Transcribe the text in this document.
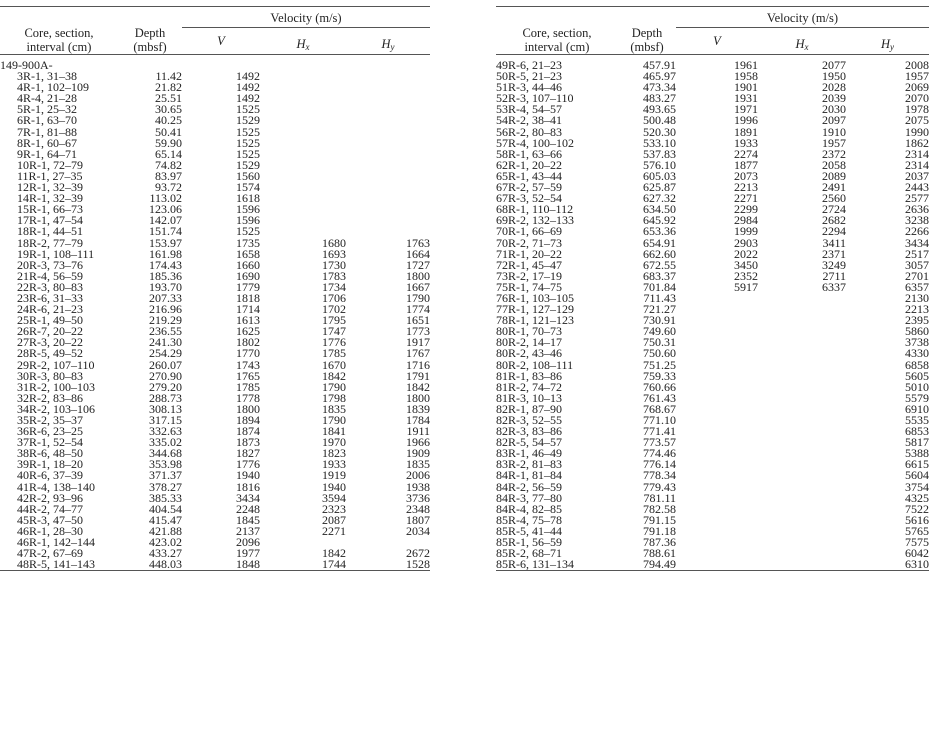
Core, section,
interval (cm)	Depth
(mbsf)	Velocity (m/s)		

		V	$H_x$	$H_y$
149-900A-				
3R-1, 31–38	11.42	1492		
4R-1, 102–109	21.82	1492		
4R-4, 21–28	25.51	1492		
5R-1, 25–32	30.65	1525		
6R-1, 63–70	40.25	1529		
7R-1, 81–88	50.41	1525		
8R-1, 60–67	59.90	1525		
9R-1, 64–71	65.14	1525		
10R-1, 72–79	74.82	1529		
11R-1, 27–35	83.97	1560		
12R-1, 32–39	93.72	1574		
14R-1, 32–39	113.02	1618		
15R-1, 66–73	123.06	1596		
17R-1, 47–54	142.07	1596		
18R-1, 44–51	151.74	1525		
18R-2, 77–79	153.97	1735	1680	1763
19R-1, 108–111	161.98	1658	1693	1664
20R-3, 73–76	174.43	1660	1730	1727
21R-4, 56–59	185.36	1690	1783	1800
22R-3, 80–83	193.70	1779	1734	1667
23R-6, 31–33	207.33	1818	1706	1790
24R-6, 21–23	216.96	1714	1702	1774
25R-1, 49–50	219.29	1613	1795	1651
26R-7, 20–22	236.55	1625	1747	1773
27R-3, 20–22	241.30	1802	1776	1917
28R-5, 49–52	254.29	1770	1785	1767
29R-2, 107–110	260.07	1743	1670	1716
30R-3, 80–83	270.90	1765	1842	1791
31R-2, 100–103	279.20	1785	1790	1842
32R-2, 83–86	288.73	1778	1798	1800
34R-2, 103–106	308.13	1800	1835	1839
35R-2, 35–37	317.15	1894	1790	1784
36R-6, 23–25	332.63	1874	1841	1911
37R-1, 52–54	335.02	1873	1970	1966
38R-6, 48–50	344.68	1827	1823	1909
39R-1, 18–20	353.98	1776	1933	1835
40R-6, 37–39	371.37	1940	1919	2006
41R-4, 138–140	378.27	1816	1940	1938
42R-2, 93–96	385.33	3434	3594	3736
44R-2, 74–77	404.54	2248	2323	2348
45R-3, 47–50	415.47	1845	2087	1807
46R-1, 28–30	421.88	2137	2271	2034
46R-1, 142–144	423.02	2096		
47R-2, 67–69	433.27	1977	1842	2672
48R-5, 141–143	448.03	1848	1744	1528
Core, section,
interval (cm)	Depth
(mbsf)	Velocity (m/s)		

		V	$H_x$	$H_y$
49R-6, 21–23	457.91	1961	2077	2008
50R-5, 21–23	465.97	1958	1950	1957
51R-3, 44–46	473.34	1901	2028	2069
52R-3, 107–110	483.27	1931	2039	2070
53R-4, 54–57	493.65	1971	2030	1978
54R-2, 38–41	500.48	1996	2097	2075
56R-2, 80–83	520.30	1891	1910	1990
57R-4, 100–102	533.10	1933	1957	1862
58R-1, 63–66	537.83	2274	2372	2314
62R-1, 20–22	576.10	1877	2058	2314
65R-1, 43–44	605.03	2073	2089	2037
67R-2, 57–59	625.87	2213	2491	2443
67R-3, 52–54	627.32	2271	2560	2577
68R-1, 110–112	634.50	2299	2724	2636
69R-2, 132–133	645.92	2984	2682	3238
70R-1, 66–69	653.36	1999	2294	2266
70R-2, 71–73	654.91	2903	3411	3434
71R-1, 20–22	662.60	2022	2371	2517
72R-1, 45–47	672.55	3450	3249	3057
73R-2, 17–19	683.37	2352	2711	2701
75R-1, 74–75	701.84	5917	6337	6357
76R-1, 103–105	711.43			2130
77R-1, 127–129	721.27			2213
78R-1, 121–123	730.91			2395
80R-1, 70–73	749.60			5860
80R-2, 14–17	750.31			3738
80R-2, 43–46	750.60			4330
80R-2, 108–111	751.25			6858
81R-1, 83–86	759.33			5605
81R-2, 74–72	760.66			5010
81R-3, 10–13	761.43			5579
82R-1, 87–90	768.67			6910
82R-3, 52–55	771.10			5535
82R-3, 83–86	771.41			6853
82R-5, 54–57	773.57			5817
83R-1, 46–49	774.46			5388
83R-2, 81–83	776.14			6615
84R-1, 81–84	778.34			5604
84R-2, 56–59	779.43			3754
84R-3, 77–80	781.11			4325
84R-4, 82–85	782.58			7522
85R-4, 75–78	791.15			5616
85R-5, 41–44	791.18			5765
85R-1, 56–59	787.36			7575
85R-2, 68–71	788.61			6042
85R-6, 131–134	794.49			6310
